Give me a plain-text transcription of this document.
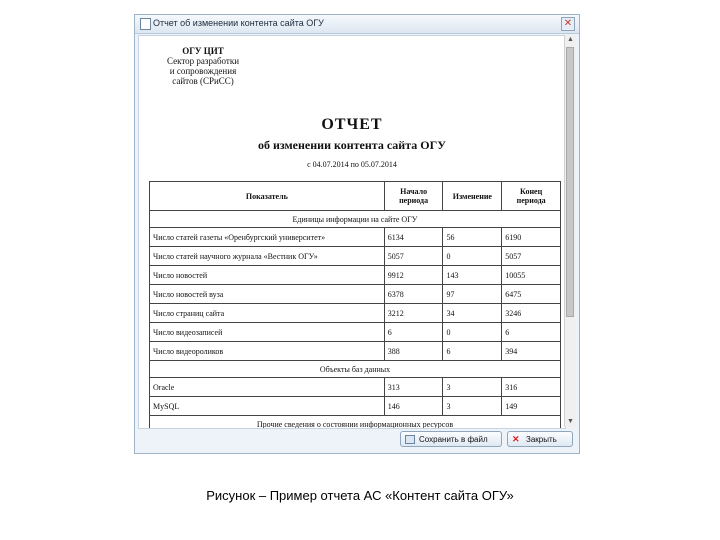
Отчет об изменении контента сайта ОГУ	✕
ОГУ ЦИТ
Сектор разработки
и сопровождения
сайтов (СРиСС)
ОТЧЕТ
об изменении контента сайта ОГУ
с 04.07.2014 по 05.07.2014
Показатель	Начало периода	Изменение	Конец периода
Единицы информации на сайте ОГУ			
Число статей газеты «Оренбургский университет»	6134	56	6190
Число статей научного журнала «Вестник ОГУ»	5057	0	5057
Число новостей	9912	143	10055
Число новостей вуза	6378	97	6475
Число страниц сайта	3212	34	3246
Число видеозаписей	6	0	6
Число видеороликов	388	6	394
Объекты баз данных			
Oracle	313	3	316
MySQL	146	3	149
Прочие сведения о состоянии информационных ресурсов			
▲
▼
Сохранить в файл	✕ Закрыть
Рисунок – Пример отчета АС «Контент сайта ОГУ»
